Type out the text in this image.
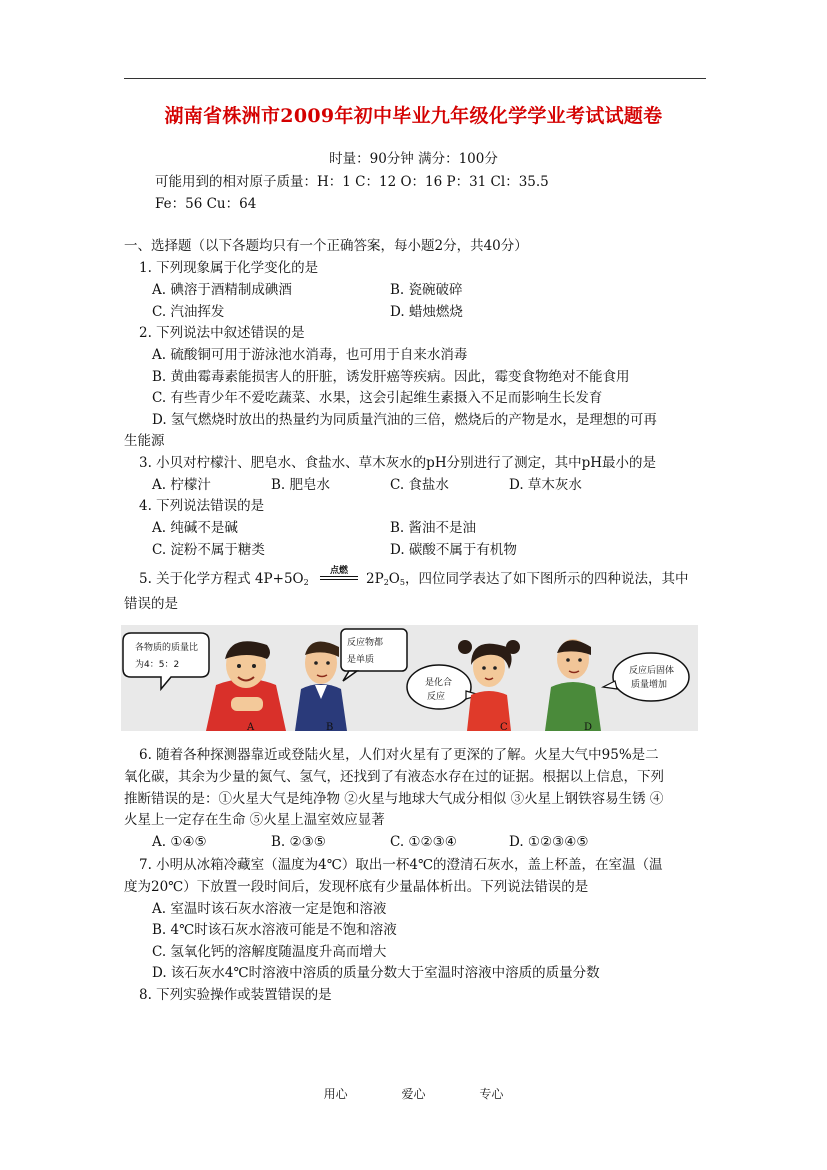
湖南省株洲市2009年初中毕业九年级化学学业考试试题卷
时量：90分钟 满分：100分
可能用到的相对原子质量：H：1 C：12 O：16 P：31 Cl：35.5
Fe：56 Cu：64
一、选择题（以下各题均只有一个正确答案，每小题2分，共40分）
1. 下列现象属于化学变化的是
A. 碘溶于酒精制成碘酒	B. 瓷碗破碎
C. 汽油挥发	D. 蜡烛燃烧
2. 下列说法中叙述错误的是
A. 硫酸铜可用于游泳池水消毒，也可用于自来水消毒
B. 黄曲霉毒素能损害人的肝脏，诱发肝癌等疾病。因此，霉变食物绝对不能食用
C. 有些青少年不爱吃蔬菜、水果，这会引起维生素摄入不足而影响生长发育
D. 氢气燃烧时放出的热量约为同质量汽油的三倍，燃烧后的产物是水，是理想的可再
生能源
3. 小贝对柠檬汁、肥皂水、食盐水、草木灰水的pH分别进行了测定，其中pH最小的是
A. 柠檬汁	B. 肥皂水	C. 食盐水	D. 草木灰水
4. 下列说法错误的是
A. 纯碱不是碱	B. 酱油不是油
C. 淀粉不属于糖类	D. 碳酸不属于有机物
5. 关于化学方程式 $4P+5O_2$
点燃	$2P_2O_5$，四位同学表达了如下图所示的四种说法，其中
错误的是
各物质的质量比
为4：5：2
反应物都
是单质
是化合
反应
反应后固体
质量增加
A	B	C	D
6. 随着各种探测器靠近或登陆火星，人们对火星有了更深的了解。火星大气中95%是二
氧化碳，其余为少量的氮气、氢气，还找到了有液态水存在过的证据。根据以上信息，下列
推断错误的是：①火星大气是纯净物 ②火星与地球大气成分相似 ③火星上钢铁容易生锈 ④
火星上一定存在生命 ⑤火星上温室效应显著
A. ①④⑤	B. ②③⑤	C. ①②③④	D. ①②③④⑤
7. 小明从冰箱冷藏室（温度为4℃）取出一杯4℃的澄清石灰水，盖上杯盖，在室温（温
度为20℃）下放置一段时间后，发现杯底有少量晶体析出。下列说法错误的是
A. 室温时该石灰水溶液一定是饱和溶液
B. 4℃时该石灰水溶液可能是不饱和溶液
C. 氢氧化钙的溶解度随温度升高而增大
D. 该石灰水4℃时溶液中溶质的质量分数大于室温时溶液中溶质的质量分数
8. 下列实验操作或装置错误的是
用心	爱心	专心
